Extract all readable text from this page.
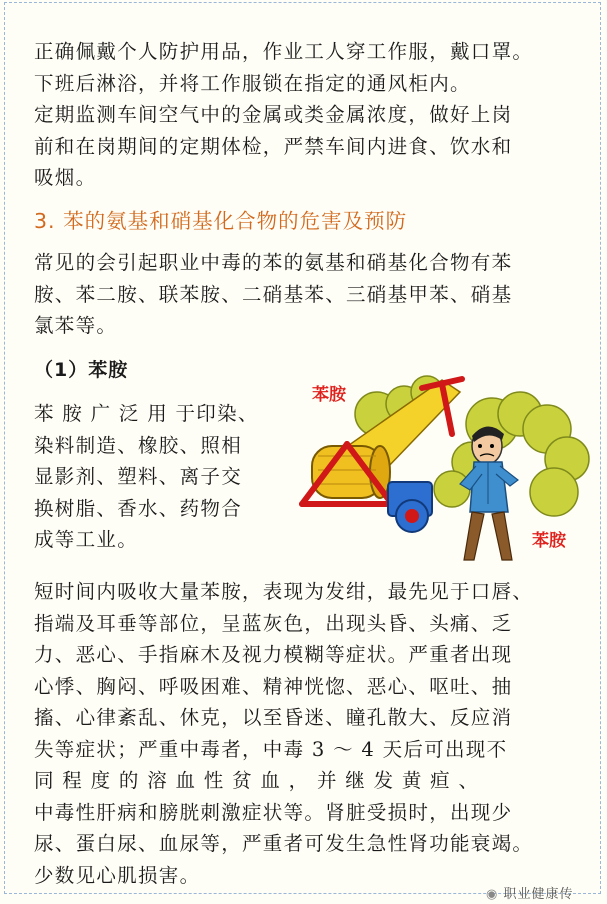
正确佩戴个人防护用品，作业工人穿工作服，戴口罩。
下班后淋浴，并将工作服锁在指定的通风柜内。
定期监测车间空气中的金属或类金属浓度，做好上岗
前和在岗期间的定期体检，严禁车间内进食、饮水和
吸烟。
3. 苯的氨基和硝基化合物的危害及预防
常见的会引起职业中毒的苯的氨基和硝基化合物有苯
胺、苯二胺、联苯胺、二硝基苯、三硝基甲苯、硝基
氯苯等。
（1）苯胺
苯 胺 广 泛 用 于印染、
染料制造、橡胶、照相
显影剂、塑料、离子交
换树脂、香水、药物合
成等工业。
苯胺
苯胺
短时间内吸收大量苯胺，表现为发绀，最先见于口唇、
指端及耳垂等部位，呈蓝灰色，出现头昏、头痛、乏
力、恶心、手指麻木及视力模糊等症状。严重者出现
心悸、胸闷、呼吸困难、精神恍惚、恶心、呕吐、抽
搐、心律紊乱、休克，以至昏迷、瞳孔散大、反应消
失等症状；严重中毒者，中毒 3 ～ 4 天后可出现不
同 程 度 的 溶 血 性 贫 血 ， 并 继 发 黄 疸 、
中毒性肝病和膀胱刺激症状等。肾脏受损时，出现少
尿、蛋白尿、血尿等，严重者可发生急性肾功能衰竭。
少数见心肌损害。
◉ 职业健康传
